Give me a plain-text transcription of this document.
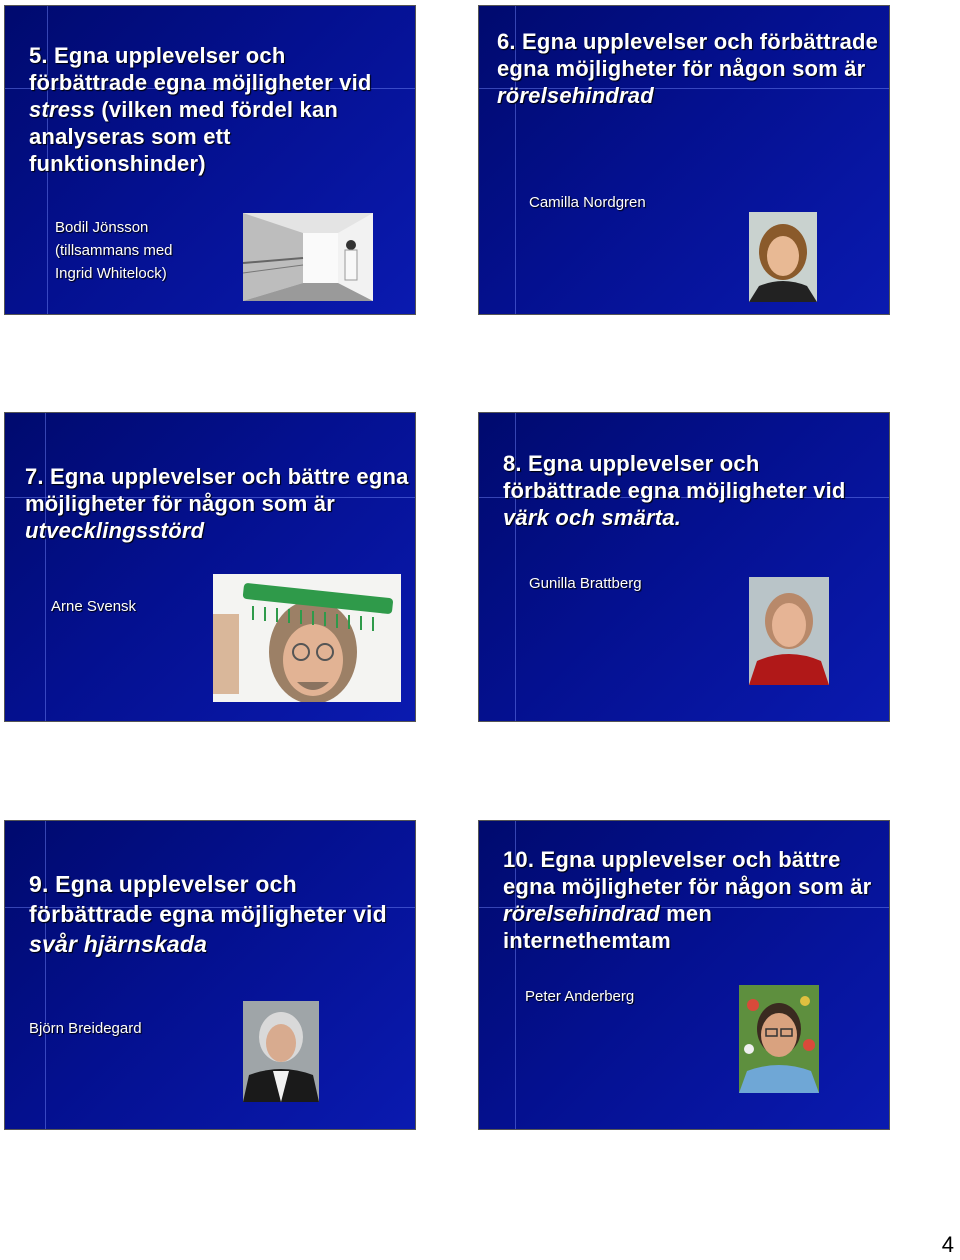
5. Egna upplevelser och förbättrade egna möjligheter vid stress (vilken med fördel kan analyseras som ett funktionshinder)
Bodil Jönsson
(tillsammans med
Ingrid Whitelock)
6. Egna upplevelser och förbättrade egna möjligheter för någon som är rörelsehindrad
Camilla Nordgren
7. Egna upplevelser och bättre egna möjligheter för någon som är utvecklingsstörd
Arne Svensk
8. Egna upplevelser och förbättrade egna möjligheter vid värk och smärta.
Gunilla Brattberg
9. Egna upplevelser och förbättrade egna möjligheter vid svår hjärnskada
Björn Breidegard
10. Egna upplevelser och bättre egna möjligheter för någon som är rörelsehindrad men internethemtam
Peter Anderberg
4
